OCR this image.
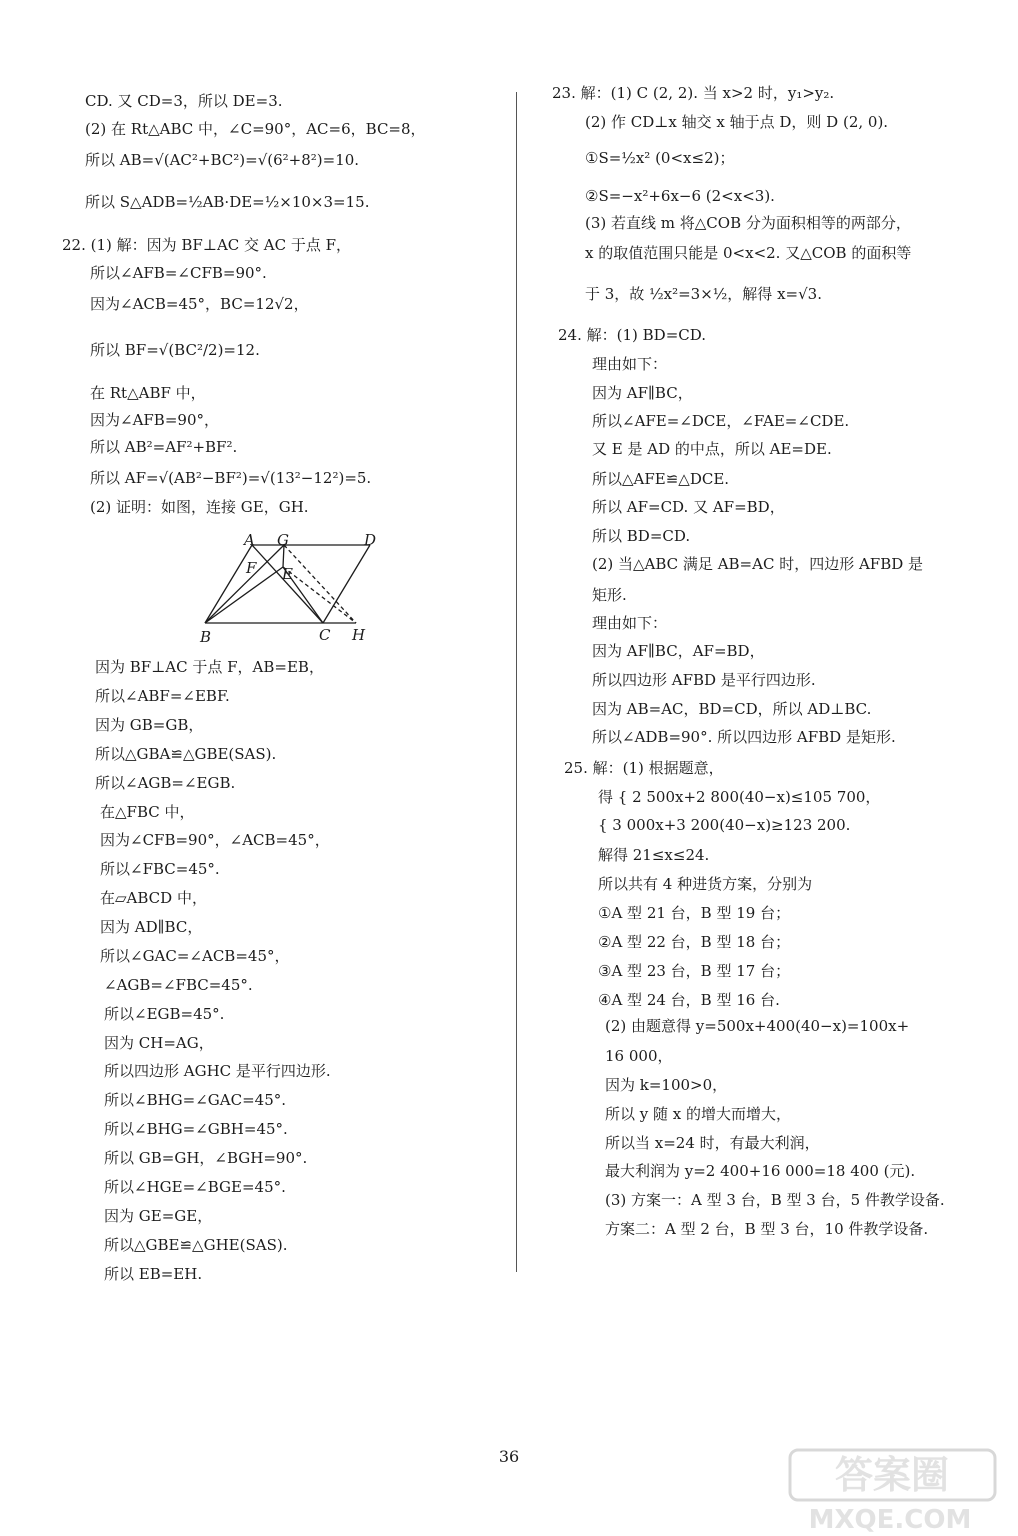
CD. 又 CD=3，所以 DE=3.
(2) 在 Rt△ABC 中，∠C=90°，AC=6，BC=8，
所以 AB=√(AC²+BC²)=√(6²+8²)=10.
所以 S△ADB=½AB·DE=½×10×3=15.
22. (1) 解：因为 BF⊥AC 交 AC 于点 F，
所以∠AFB=∠CFB=90°.
因为∠ACB=45°，BC=12√2，
所以 BF=√(BC²/2)=12.
在 Rt△ABF 中，
因为∠AFB=90°，
所以 AB²=AF²+BF².
所以 AF=√(AB²−BF²)=√(13²−12²)=5.
(2) 证明：如图，连接 GE，GH.
A G	D
F E
B	C H
因为 BF⊥AC 于点 F，AB=EB，
所以∠ABF=∠EBF.
因为 GB=GB，
所以△GBA≌△GBE(SAS).
所以∠AGB=∠EGB.
在△FBC 中，
因为∠CFB=90°，∠ACB=45°，
所以∠FBC=45°.
在▱ABCD 中，
因为 AD∥BC，
所以∠GAC=∠ACB=45°，
∠AGB=∠FBC=45°.
所以∠EGB=45°.
因为 CH=AG，
所以四边形 AGHC 是平行四边形.
所以∠BHG=∠GAC=45°.
所以∠BHG=∠GBH=45°.
所以 GB=GH，∠BGH=90°.
所以∠HGE=∠BGE=45°.
因为 GE=GE，
所以△GBE≌△GHE(SAS).
所以 EB=EH.
23. 解：(1) C (2, 2). 当 x>2 时，y₁>y₂.
(2) 作 CD⊥x 轴交 x 轴于点 D，则 D (2, 0).
①S=½x² (0<x≤2)；
②S=−x²+6x−6 (2<x<3).
(3) 若直线 m 将△COB 分为面积相等的两部分，
x 的取值范围只能是 0<x<2. 又△COB 的面积等
于 3，故 ½x²=3×½，解得 x=√3.
24. 解：(1) BD=CD.
理由如下：
因为 AF∥BC，
所以∠AFE=∠DCE，∠FAE=∠CDE.
又 E 是 AD 的中点，所以 AE=DE.
所以△AFE≌△DCE.
所以 AF=CD. 又 AF=BD，
所以 BD=CD.
(2) 当△ABC 满足 AB=AC 时，四边形 AFBD 是
矩形.
理由如下：
因为 AF∥BC，AF=BD，
所以四边形 AFBD 是平行四边形.
因为 AB=AC，BD=CD，所以 AD⊥BC.
所以∠ADB=90°. 所以四边形 AFBD 是矩形.
25. 解：(1) 根据题意，
得 { 2 500x+2 800(40−x)≤105 700，
{ 3 000x+3 200(40−x)≥123 200.
解得 21≤x≤24.
所以共有 4 种进货方案，分别为
①A 型 21 台，B 型 19 台；
②A 型 22 台，B 型 18 台；
③A 型 23 台，B 型 17 台；
④A 型 24 台，B 型 16 台.
(2) 由题意得 y=500x+400(40−x)=100x+
16 000，
因为 k=100>0，
所以 y 随 x 的增大而增大，
所以当 x=24 时，有最大利润，
最大利润为 y=2 400+16 000=18 400 (元).
(3) 方案一：A 型 3 台，B 型 3 台，5 件教学设备.
方案二：A 型 2 台，B 型 3 台，10 件教学设备.
36	答案圈
MXQE.COM
